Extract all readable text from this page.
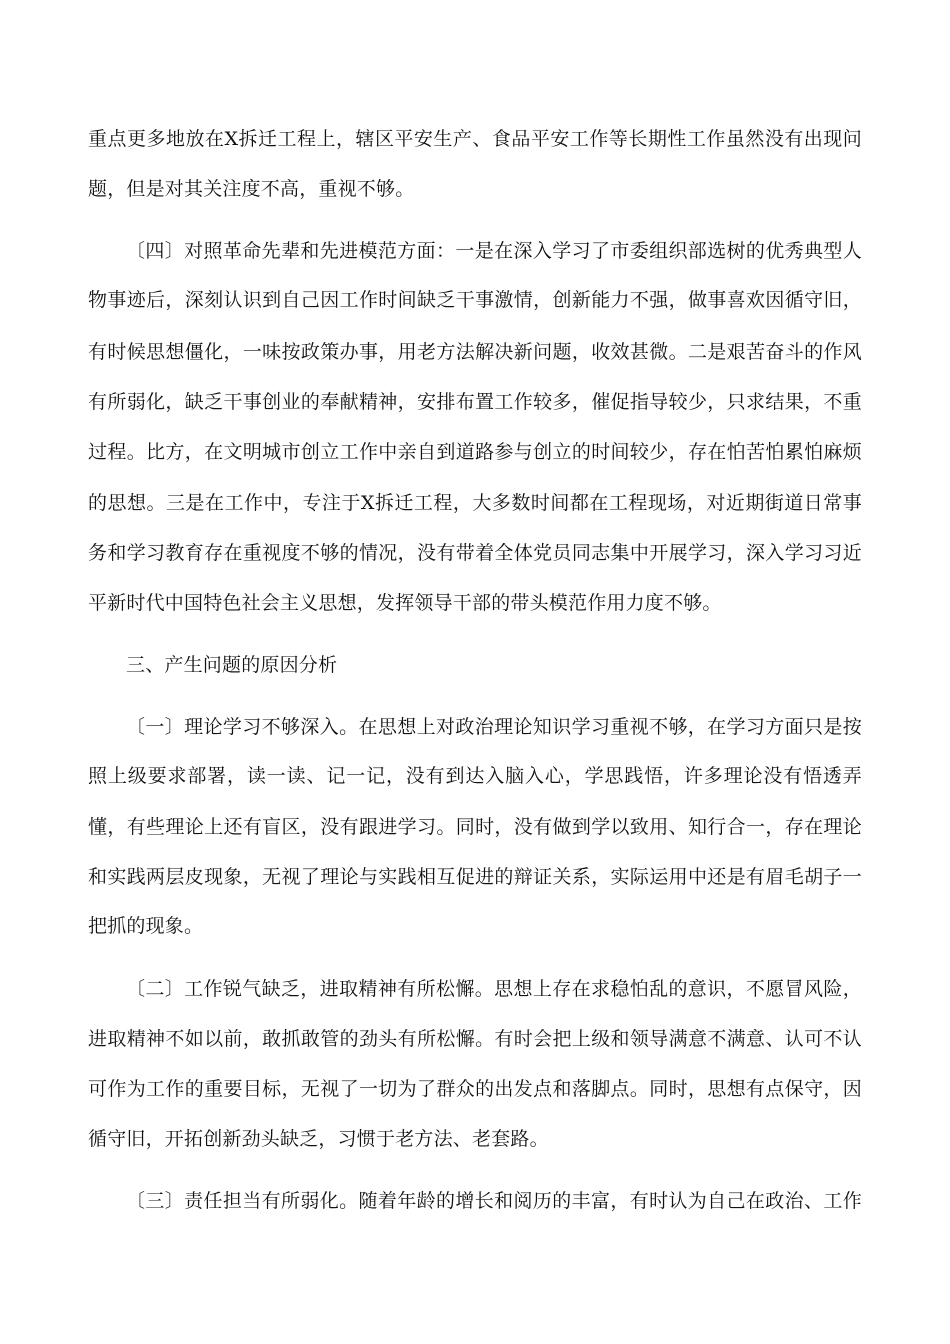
重点更多地放在X拆迁工程上，辖区平安生产、食品平安工作等长期性工作虽然没有出现问
题，但是对其关注度不高，重视不够。
〔四〕对照革命先辈和先进模范方面：一是在深入学习了市委组织部选树的优秀典型人
物事迹后，深刻认识到自己因工作时间缺乏干事激情，创新能力不强，做事喜欢因循守旧，
有时候思想僵化，一味按政策办事，用老方法解决新问题，收效甚微。二是艰苦奋斗的作风
有所弱化，缺乏干事创业的奉献精神，安排布置工作较多，催促指导较少，只求结果，不重
过程。比方，在文明城市创立工作中亲自到道路参与创立的时间较少，存在怕苦怕累怕麻烦
的思想。三是在工作中，专注于X拆迁工程，大多数时间都在工程现场，对近期街道日常事
务和学习教育存在重视度不够的情况，没有带着全体党员同志集中开展学习，深入学习习近
平新时代中国特色社会主义思想，发挥领导干部的带头模范作用力度不够。
三、产生问题的原因分析
〔一〕理论学习不够深入。在思想上对政治理论知识学习重视不够，在学习方面只是按
照上级要求部署，读一读、记一记，没有到达入脑入心，学思践悟，许多理论没有悟透弄
懂，有些理论上还有盲区，没有跟进学习。同时，没有做到学以致用、知行合一，存在理论
和实践两层皮现象，无视了理论与实践相互促进的辩证关系，实际运用中还是有眉毛胡子一
把抓的现象。
〔二〕工作锐气缺乏，进取精神有所松懈。思想上存在求稳怕乱的意识，不愿冒风险，
进取精神不如以前，敢抓敢管的劲头有所松懈。有时会把上级和领导满意不满意、认可不认
可作为工作的重要目标，无视了一切为了群众的出发点和落脚点。同时，思想有点保守，因
循守旧，开拓创新劲头缺乏，习惯于老方法、老套路。
〔三〕责任担当有所弱化。随着年龄的增长和阅历的丰富，有时认为自己在政治、工作
